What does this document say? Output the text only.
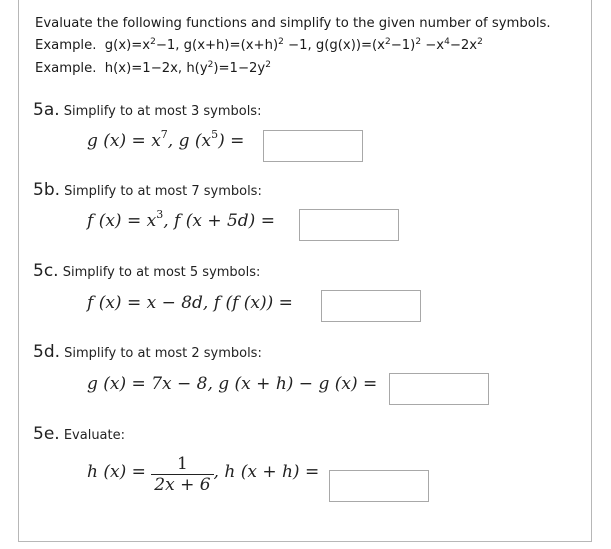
Evaluate the following functions and simplify to the given number of symbols.
Example. $g(x)=x^2-1$, $g(x+h)=(x+h)^2 -1$, $g(g(x))=(x^2-1)^2 -x^4-2x^2$
Example. h(x)=1−2x, $h(y^2)=1-2y^2$
5a. Simplify to at most 3 symbols:
g $(x) = x^7$, g $(x^5)$ =
5b. Simplify to at most 7 symbols:
f $(x) = x^3$, f (x + 5d) =
5c. Simplify to at most 5 symbols:
f (x) = x − 8d, f (f (x)) =
5d. Simplify to at most 2 symbols:
g (x) = 7x − 8, g (x + h) − g (x) =
5e. Evaluate:
h $(x) = \frac{1}{2x + 6}$ , h (x + h) =
